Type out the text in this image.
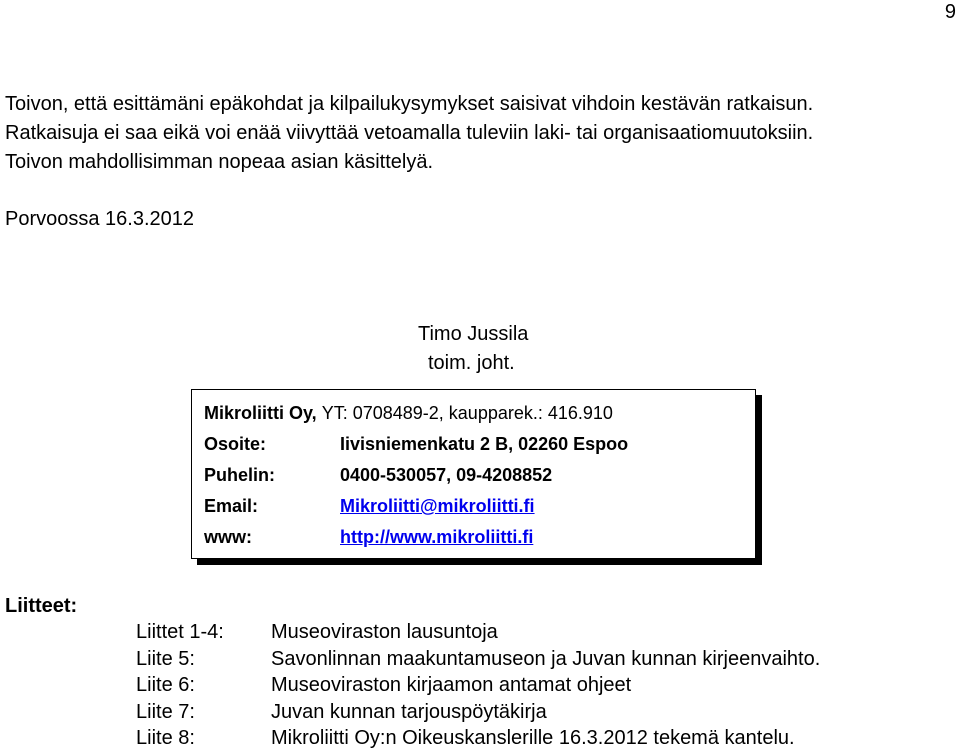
9

Toivon, että esittämäni epäkohdat ja kilpailukysymykset saisivat vihdoin kestävän ratkaisun.
Ratkaisuja ei saa eikä voi enää viivyttää vetoamalla tuleviin laki- tai organisaatiomuutoksiin.
Toivon mahdollisimman nopeaa asian käsittelyä.

Porvoossa 16.3.2012
Timo Jussila
toim. joht.
Mikroliitti Oy,
YT: 0708489-2, kaupparek.: 416.910
Osoite:	Iivisniemenkatu 2 B, 02260 Espoo
Puhelin:	0400-530057, 09-4208852
Email:	Mikroliitti@mikroliitti.fi
www:	http://www.mikroliitti.fi
Liitteet:
Liittet 1-4:	Museoviraston lausuntoja
Liite 5:	Savonlinnan maakuntamuseon ja Juvan kunnan kirjeenvaihto.
Liite 6:	Museoviraston kirjaamon antamat ohjeet
Liite 7:	Juvan kunnan tarjouspöytäkirja
Liite 8:	Mikroliitti Oy:n Oikeuskanslerille 16.3.2012 tekemä kantelu.
